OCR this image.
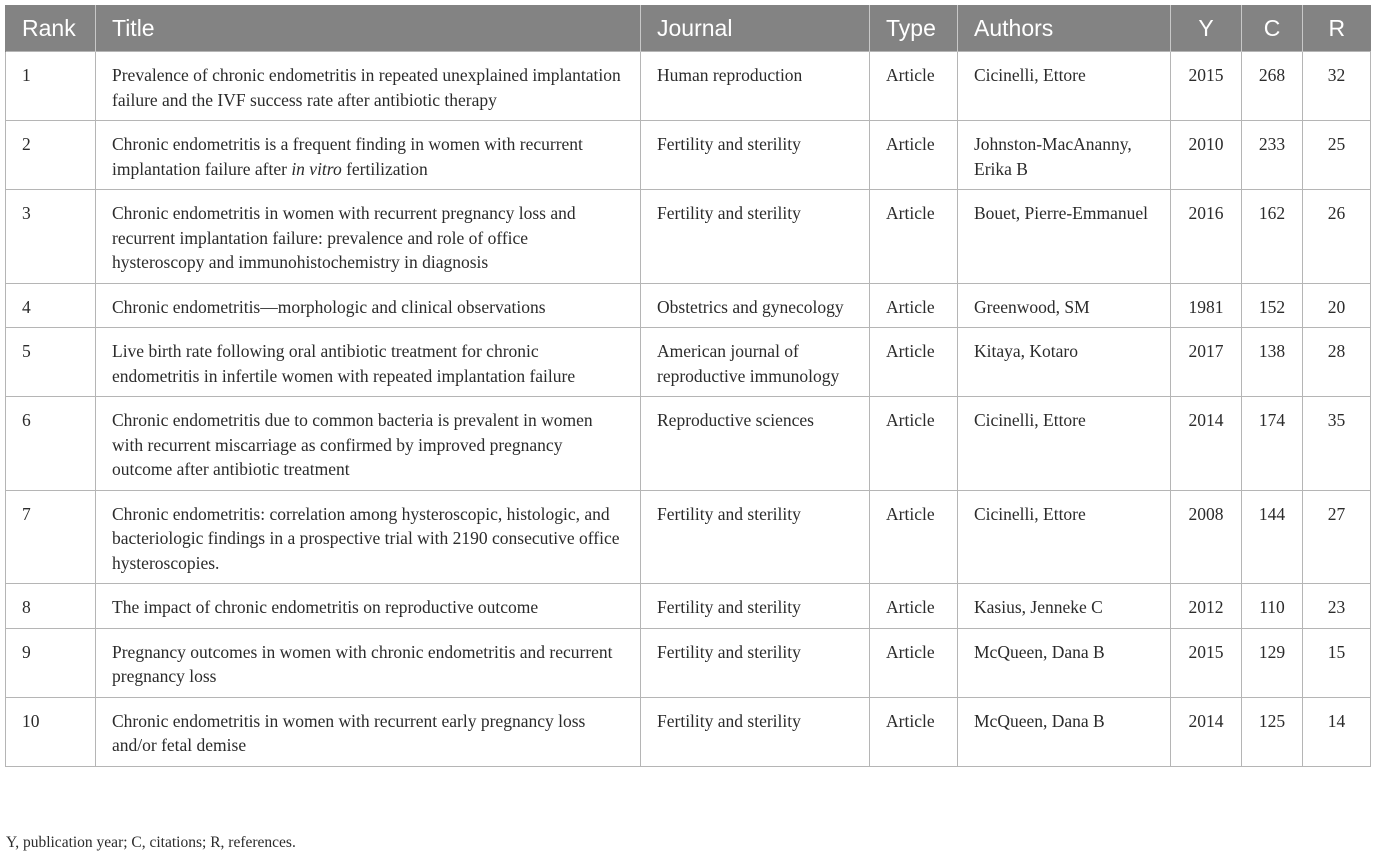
Rank	Title	Journal	Type	Authors	Y	C	R
1	Prevalence of chronic endometritis in repeated unexplained implantation failure and the IVF success rate after antibiotic therapy	Human reproduction	Article	Cicinelli, Ettore	2015	268	32
2	Chronic endometritis is a frequent finding in women with recurrent implantation failure after in vitro fertilization	Fertility and sterility	Article	Johnston-MacAnanny, Erika B	2010	233	25
3	Chronic endometritis in women with recurrent pregnancy loss and recurrent implantation failure: prevalence and role of office hysteroscopy and immunohistochemistry in diagnosis	Fertility and sterility	Article	Bouet, Pierre-Emmanuel	2016	162	26
4	Chronic endometritis—morphologic and clinical observations	Obstetrics and gynecology	Article	Greenwood, SM	1981	152	20
5	Live birth rate following oral antibiotic treatment for chronic endometritis in infertile women with repeated implantation failure	American journal of reproductive immunology	Article	Kitaya, Kotaro	2017	138	28
6	Chronic endometritis due to common bacteria is prevalent in women with recurrent miscarriage as confirmed by improved pregnancy outcome after antibiotic treatment	Reproductive sciences	Article	Cicinelli, Ettore	2014	174	35
7	Chronic endometritis: correlation among hysteroscopic, histologic, and bacteriologic findings in a prospective trial with 2190 consecutive office hysteroscopies.	Fertility and sterility	Article	Cicinelli, Ettore	2008	144	27
8	The impact of chronic endometritis on reproductive outcome	Fertility and sterility	Article	Kasius, Jenneke C	2012	110	23
9	Pregnancy outcomes in women with chronic endometritis and recurrent pregnancy loss	Fertility and sterility	Article	McQueen, Dana B	2015	129	15
10	Chronic endometritis in women with recurrent early pregnancy loss and/or fetal demise	Fertility and sterility	Article	McQueen, Dana B	2014	125	14
Y, publication year; C, citations; R, references.
